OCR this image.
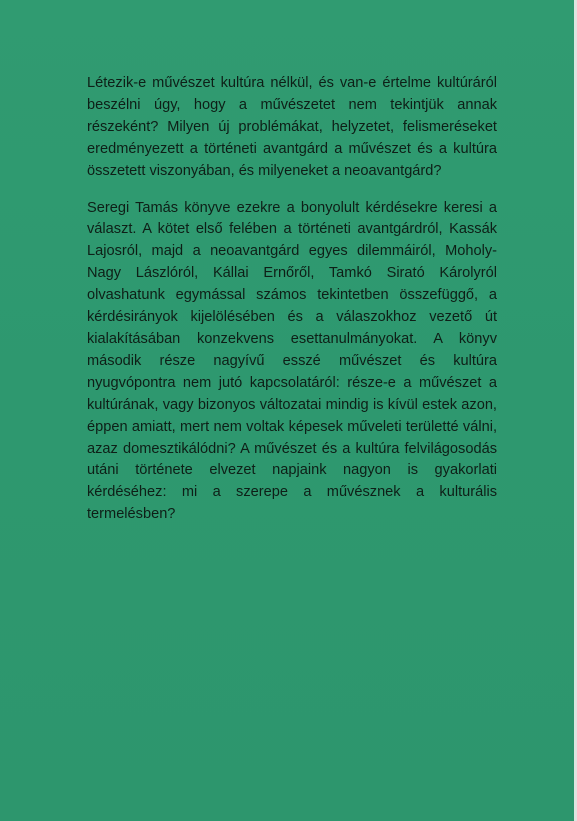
Létezik-e művészet kultúra nélkül, és van-e értelme kultúráról beszélni úgy, hogy a művészetet nem tekintjük annak részeként? Milyen új problémákat, helyzetet, felismeréseket eredményezett a történeti avantgárd a művészet és a kultúra összetett viszonyában, és milyeneket a neoavantgárd?

Seregi Tamás könyve ezekre a bonyolult kérdésekre keresi a választ. A kötet első felében a történeti avantgárdról, Kassák Lajosról, majd a neoavantgárd egyes dilemmáiról, Moholy-Nagy Lászlóról, Kállai Ernőről, Tamkó Sirató Károlyról olvashatunk egymással számos tekintetben összefüggő, a kérdésirányok kijelölésében és a válaszokhoz vezető út kialakításában konzekvens esettanulmányokat. A könyv második része nagyívű esszé művészet és kultúra nyugvópontra nem jutó kapcsolatáról: része-e a művészet a kultúrának, vagy bizonyos változatai mindig is kívül estek azon, éppen amiatt, mert nem voltak képesek műveleti területté válni, azaz domesztikálódni? A művészet és a kultúra felvilágosodás utáni története elvezet napjaink nagyon is gyakorlati kérdéséhez: mi a szerepe a művésznek a kulturális termelésben?
